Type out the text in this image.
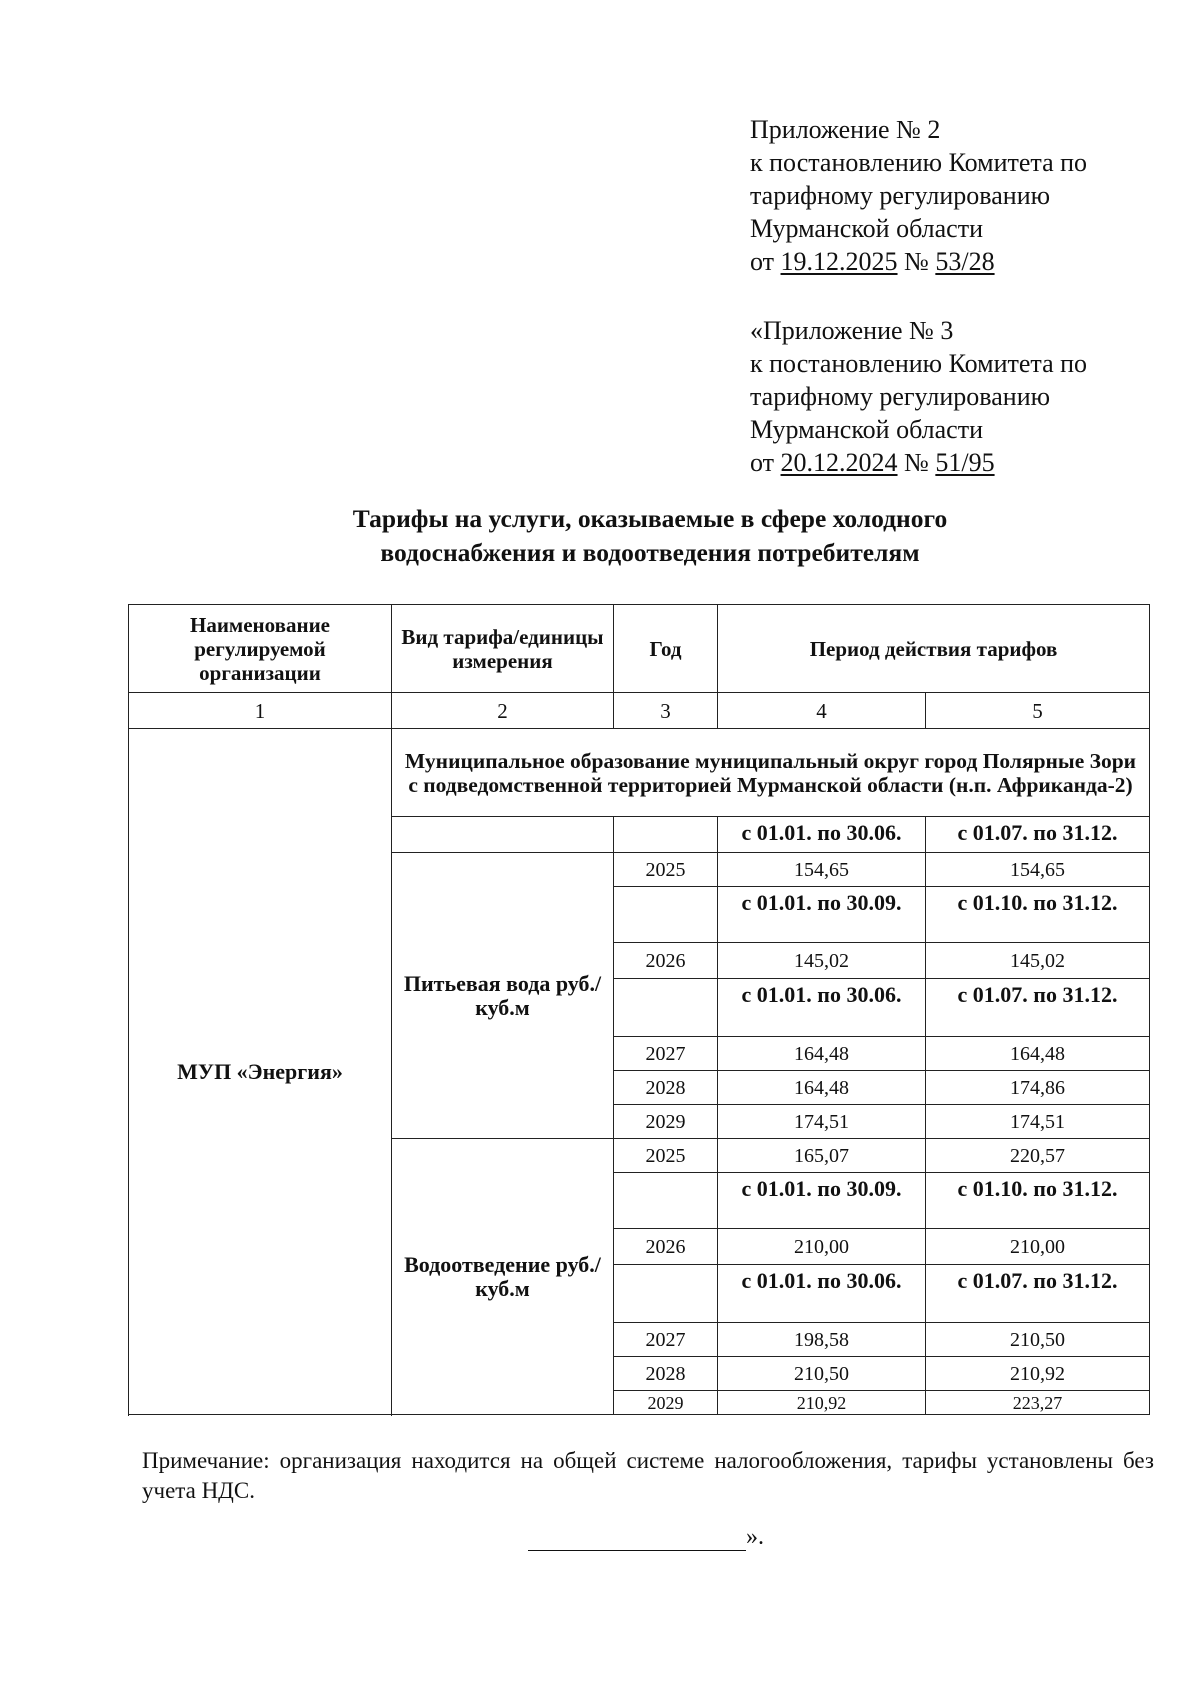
Приложение № 2
к постановлению Комитета по
тарифному регулированию
Мурманской области
от 19.12.2025 № 53/28
«Приложение № 3
к постановлению Комитета по
тарифному регулированию
Мурманской области
от 20.12.2024 № 51/95
Тарифы на услуги, оказываемые в сфере холодного
водоснабжения и водоотведения потребителям
Наименование регулируемой организации	Вид тарифа/единицы измерения	Год	Период действия тарифов	
1	2	3	4	5
МУП «Энергия»	Муниципальное образование муниципальный округ город Полярные Зори с подведомственной территорией Мурманской области (н.п. Африканда-2)			
			с 01.01. по 30.06.	с 01.07. по 31.12.
	Питьевая вода руб./куб.м	2025	154,65	154,65
			с 01.01. по 30.09.	с 01.10. по 31.12.
		2026	145,02	145,02
			с 01.01. по 30.06.	с 01.07. по 31.12.
		2027	164,48	164,48
		2028	164,48	174,86
		2029	174,51	174,51

	Водоотведение руб./куб.м	2025	165,07	220,57
			с 01.01. по 30.09.	с 01.10. по 31.12.
		2026	210,00	210,00
			с 01.01. по 30.06.	с 01.07. по 31.12.
		2027	198,58	210,50
		2028	210,50	210,92
		2029	210,92	223,27

Примечание: организация находится на общей системе налогообложения, тарифы установлены без учета НДС.
».
